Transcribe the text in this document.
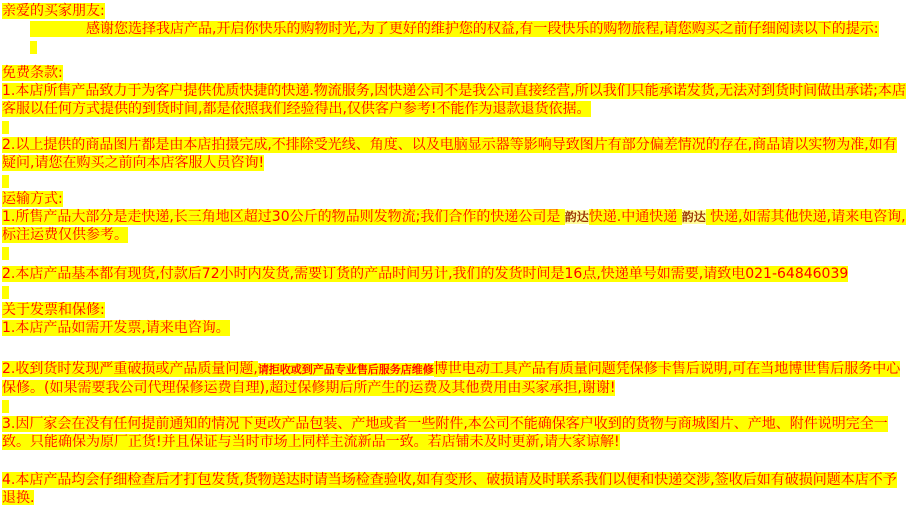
亲爱的买家朋友:
　　　　感谢您选择我店产品,开启你快乐的购物时光,为了更好的维护您的权益,有一段快乐的购物旅程,请您购买之前仔细阅读以下的提示:
免费条款:
1.本店所售产品致力于为客户提供优质快捷的快递.物流服务,因快递公司不是我公司直接经营,所以我们只能承诺发货,无法对到货时间做出承诺;本店客服以任何方式提供的到货时间,都是依照我们经验得出,仅供客户参考!不能作为退款退货依据。
2.以上提供的商品图片都是由本店拍摄完成,不排除受光线、角度、以及电脑显示器等影响导致图片有部分偏差情况的存在,商品请以实物为准,如有疑问,请您在购买之前向本店客服人员咨询!
运输方式:
1.所售产品大部分是走快递,长三角地区超过30公斤的物品则发物流;我们合作的快递公司是 韵达快递.中通快递 韵达 快递,如需其他快递,请来电咨询,标注运费仅供参考。
2.本店产品基本都有现货,付款后72小时内发货,需要订货的产品时间另计,我们的发货时间是16点,快递单号如需要,请致电021-64846039
关于发票和保修:
1.本店产品如需开发票,请来电咨询。
2.收到货时发现严重破损或产品质量问题,请拒收或到产品专业售后服务店维修博世电动工具产品有质量问题凭保修卡售后说明,可在当地博世售后服务中心保修。(如果需要我公司代理保修运费自理),超过保修期后所产生的运费及其他费用由买家承担,谢谢!
3.因厂家会在没有任何提前通知的情况下更改产品包装、产地或者一些附件,本公司不能确保客户收到的货物与商城图片、产地、附件说明完全一致。只能确保为原厂正货!并且保证与当时市场上同样主流新品一致。若店铺未及时更新,请大家谅解!
4.本店产品均会仔细检查后才打包发货,货物送达时请当场检查验收,如有变形、破损请及时联系我们以便和快递交涉,签收后如有破损问题本店不予退换.
